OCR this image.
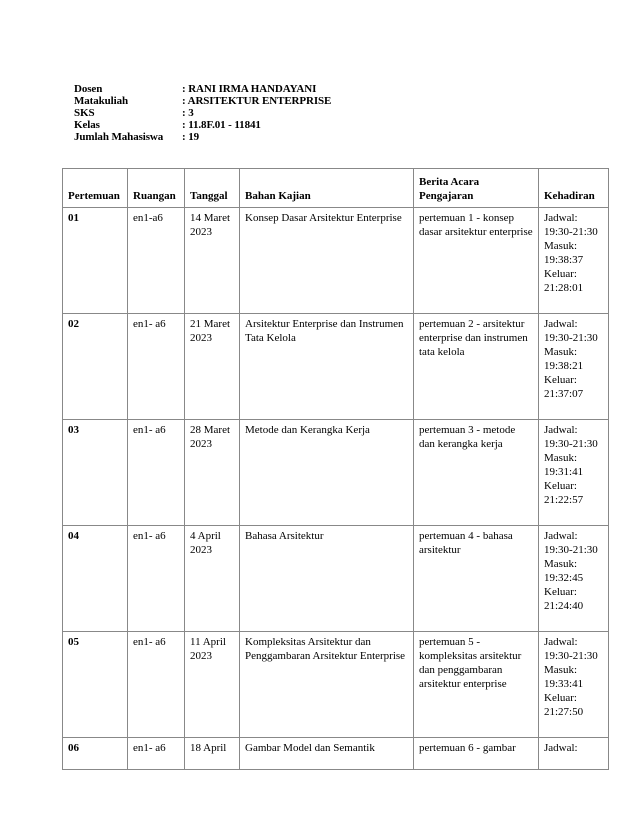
Dosen	: RANI IRMA HANDAYANI
Matakuliah	: ARSITEKTUR ENTERPRISE
SKS	: 3
Kelas	: 11.8F.01 - 11841
Jumlah Mahasiswa	: 19
Pertemuan	Ruangan	Tanggal	Bahan Kajian	Berita Acara Pengajaran	Kehadiran
01	en1-a6	14 Maret 2023	Konsep Dasar Arsitektur Enterprise	pertemuan 1 - konsep dasar arsitektur enterprise	Jadwal: 19:30-21:30
Masuk: 19:38:37
Keluar: 21:28:01

02	en1- a6	21 Maret 2023	Arsitektur Enterprise dan Instrumen Tata Kelola	pertemuan 2 - arsitektur enterprise dan instrumen tata kelola	Jadwal: 19:30-21:30
Masuk: 19:38:21
Keluar: 21:37:07

03	en1- a6	28 Maret 2023	Metode dan Kerangka Kerja	pertemuan 3 - metode dan kerangka kerja	Jadwal: 19:30-21:30
Masuk: 19:31:41
Keluar: 21:22:57

04	en1- a6	4 April 2023	Bahasa Arsitektur	pertemuan 4 - bahasa arsitektur	Jadwal: 19:30-21:30
Masuk: 19:32:45
Keluar: 21:24:40

05	en1- a6	11 April 2023	Kompleksitas Arsitektur dan Penggambaran Arsitektur Enterprise	pertemuan 5 - kompleksitas arsitektur dan penggambaran arsitektur enterprise	Jadwal: 19:30-21:30
Masuk: 19:33:41
Keluar: 21:27:50

06	en1- a6	18 April	Gambar Model dan Semantik	pertemuan 6 - gambar	Jadwal:
